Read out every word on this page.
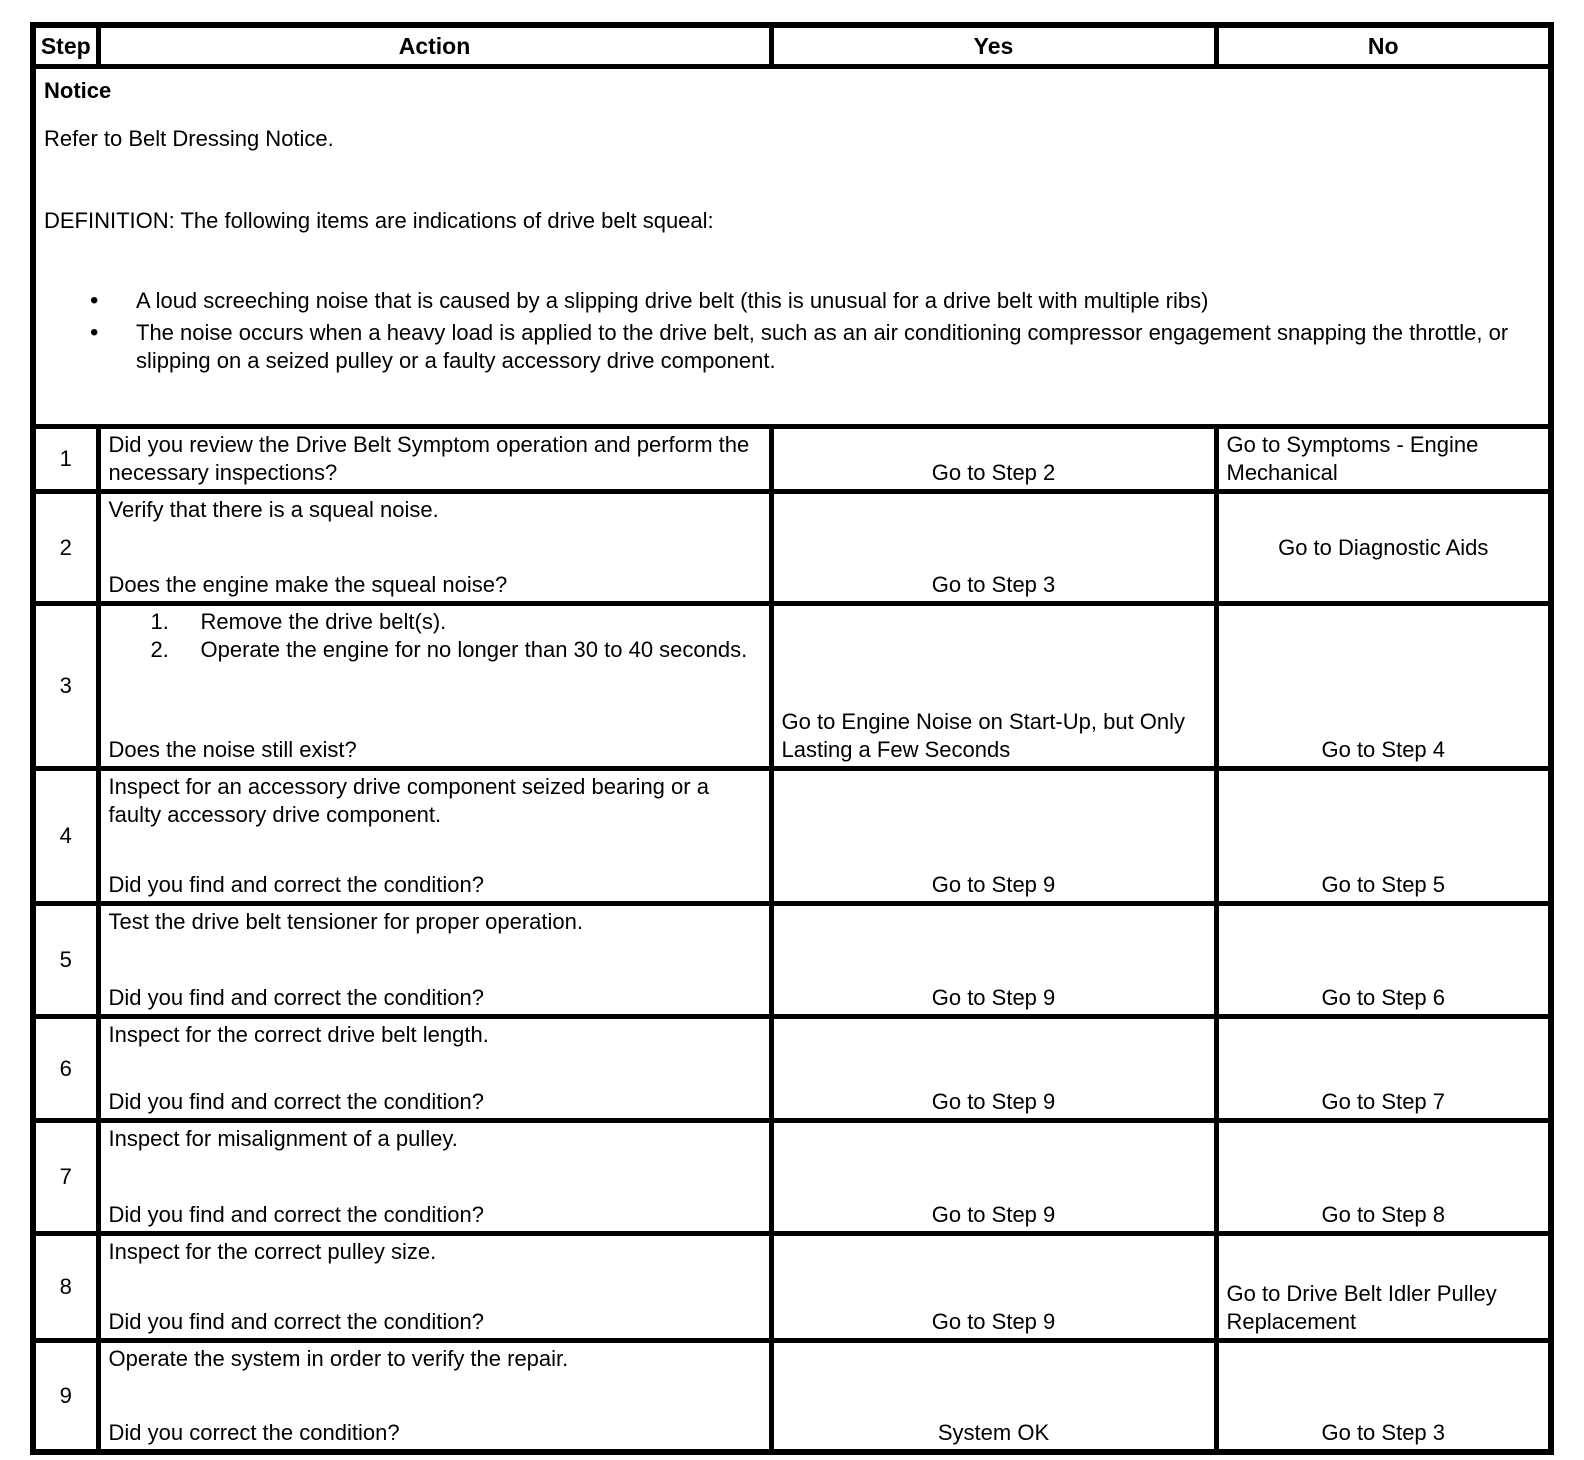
Step	Action	Yes	No

Notice
Refer to Belt Dressing Notice.
DEFINITION: The following items are indications of drive belt squeal:
•
A loud screeching noise that is caused by a slipping drive belt (this is unusual for a drive belt with multiple ribs)
•
The noise occurs when a heavy load is applied to the drive belt, such as an air conditioning compressor engagement snapping the throttle, or slipping on a seized pulley or a faulty accessory drive component.

1	Did you review the Drive Belt Symptom operation and perform the necessary inspections?	Go to Step 2	Go to Symptoms - Engine Mechanical

2	Verify that there is a squeal noise.
Does the engine make the squeal noise?	Go to Step 3	Go to Diagnostic Aids

3	1. Remove the drive belt(s).
2. Operate the engine for no longer than 30 to 40 seconds.
Does the noise still exist?	Go to Engine Noise on Start-Up, but Only Lasting a Few Seconds	Go to Step 4

4	Inspect for an accessory drive component seized bearing or a faulty accessory drive component.
Did you find and correct the condition?	Go to Step 9	Go to Step 5

5	Test the drive belt tensioner for proper operation.
Did you find and correct the condition?	Go to Step 9	Go to Step 6

6	Inspect for the correct drive belt length.
Did you find and correct the condition?	Go to Step 9	Go to Step 7

7	Inspect for misalignment of a pulley.
Did you find and correct the condition?	Go to Step 9	Go to Step 8

8	Inspect for the correct pulley size.
Did you find and correct the condition?	Go to Step 9	Go to Drive Belt Idler Pulley Replacement

9	Operate the system in order to verify the repair.
Did you correct the condition?	System OK	Go to Step 3
